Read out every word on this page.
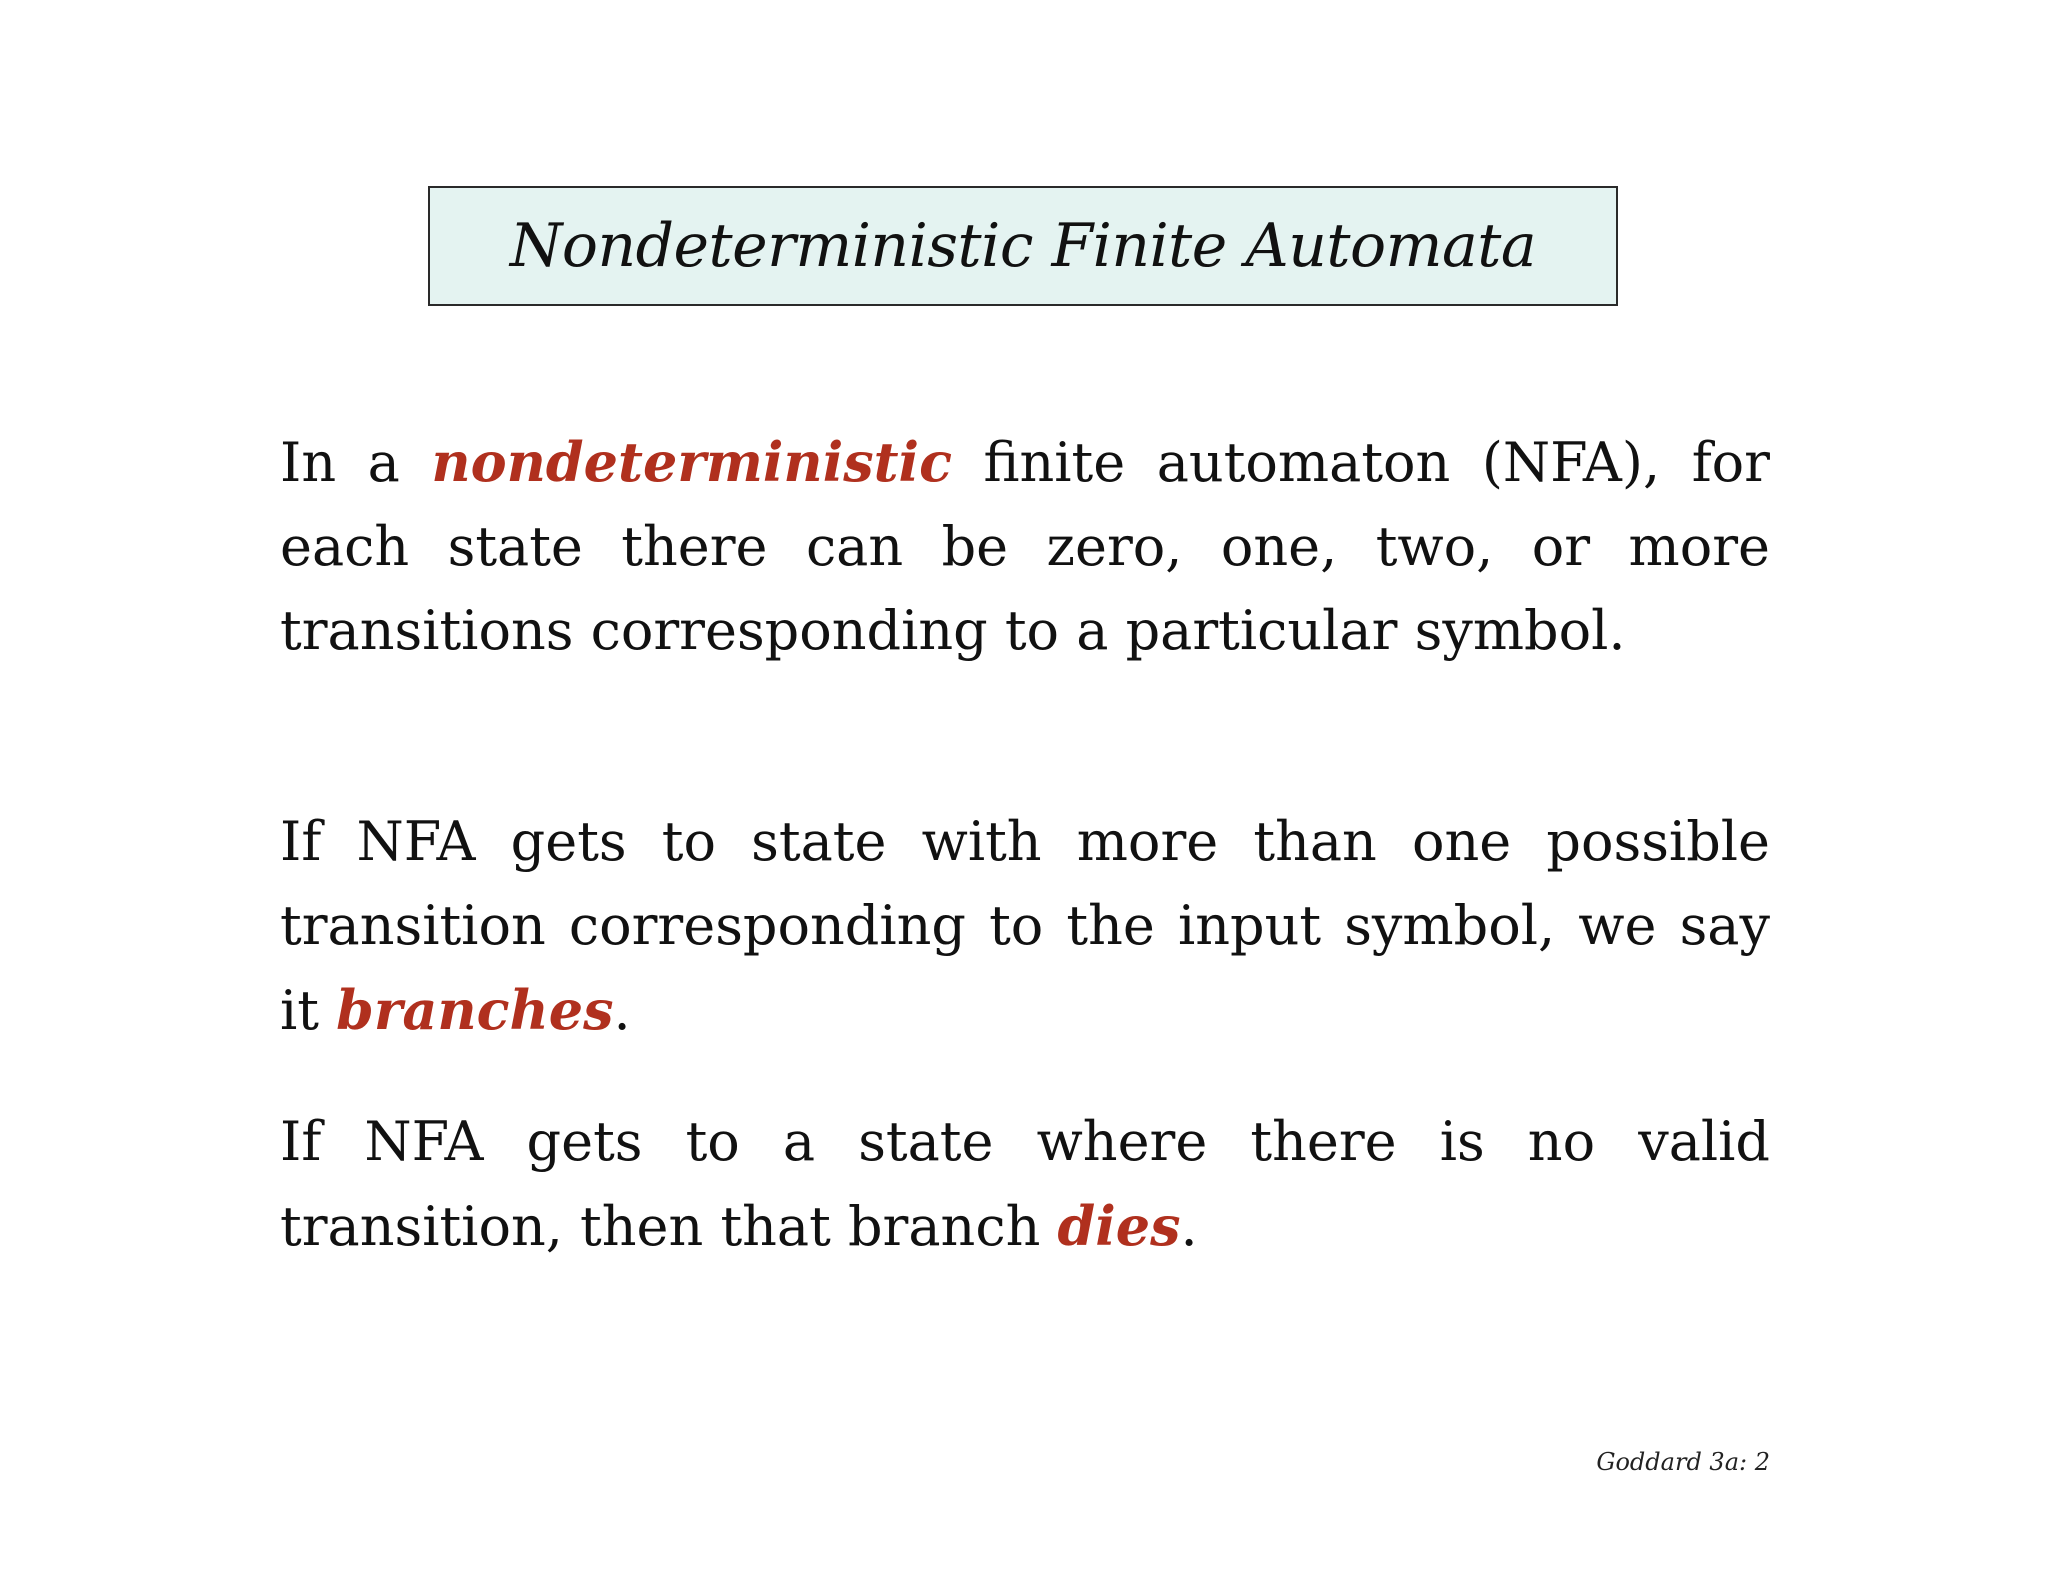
Nondeterministic Finite Automata

In a nondeterministic finite automaton (NFA), for each state there can be zero, one, two, or more transitions corresponding to a particular symbol.

If NFA gets to state with more than one possible transition corresponding to the input symbol, we say it branches.

If NFA gets to a state where there is no valid transition, then that branch dies.

Goddard 3a: 2
